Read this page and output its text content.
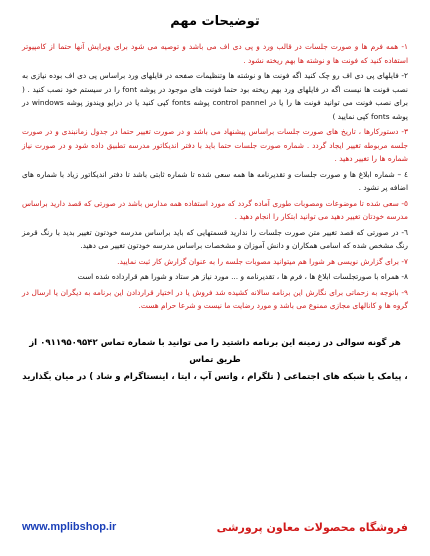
توضیحات مهم

۱- همه فرم ها و صورت جلسات در قالب ورد و پی دی اف می باشد و توصیه می شود برای ویرایش آنها حتما از کامپیوتر استفاده کنید که فونت ها و نوشته ها بهم ریخته نشود .

۲- فایلهای پی دی اف رو چک کنید اگه فونت ها و نوشته ها وتنظیمات صفحه در فایلهای ورد براساس پی دی اف بوده نیازی به نصب فونت ها نیست اگه در فایلهای ورد بهم ریخته بود حتما فونت های موجود در پوشه font را در سیستم خود نصب کنید . ( برای نصب فونت می توانید فونت ها را یا در control pannel پوشه fonts کپی کنید یا در درایو ویندوز پوشه windows در پوشه fonts کپی نمایید )

۳- دستورکارها ، تاریخ های صورت جلسات براساس پیشنهاد می باشد و در صورت تغییر حتما در جدول زمانبندی و در صورت جلسه مربوطه تغییر ایجاد گردد . شماره صورت جلسات حتما باید با دفتر اندیکاتور مدرسه تطبیق داده شود و در صورت نیاز شماره ها را تغییر دهید .

٤ – شماره ابلاغ ها و صورت جلسات و تقدیرنامه ها همه سعی شده تا شماره ثابتی باشد تا دفتر اندیکاتور زیاد با شماره های اضافه پر نشود .

٥- سعی شده تا موضوعات ومصوبات طوری آماده گردد که مورد استفاده همه مدارس باشد در صورتی که قصد دارید براساس مدرسه خودتان تغییر دهید می توانید ابتکار را انجام دهید .

٦- در صورتی که قصد تغییر متن صورت جلسات را ندارید قسمتهایی که باید براساس مدرسه خودتون تغییر بدید با رنگ قرمز رنگ مشخص شده که اسامی همکاران و دانش آموزان و مشخصات براساس مدرسه خودتون تغییر می دهید.

۷- برای گزارش نویسی هر شورا هم میتوانید مصوبات جلسه را به عنوان گزارش کار ثبت نمایید.

۸- همراه با صورتجلسات ابلاغ ها ، فرم ها ، تقدیرنامه و ... مورد نیاز هر ستاد و شورا هم قرارداده شده است

۹- باتوجه به زحماتی برای نگارش این برنامه سالانه کشیده شد فروش یا در اختیار قراردادن این برنامه به دیگران یا ارسال در گروه ها و کانالهای مجازی ممنوع می باشد و مورد رضایت ما نیست و شرعا حرام هست.

هر گونه سوالی در زمینه این برنامه داشتید را می توانید با شماره تماس ۰۹۱۱۹۵۰۹۵۴۲ از طریق تماس
، پیامک یا شبکه های اجتماعی ( تلگرام ، واتس آپ ، ایتا ، اینستاگرام و شاد ) در میان بگذارید
فروشگاه محصولات معاون پرورشی
www.mplibshop.ir
